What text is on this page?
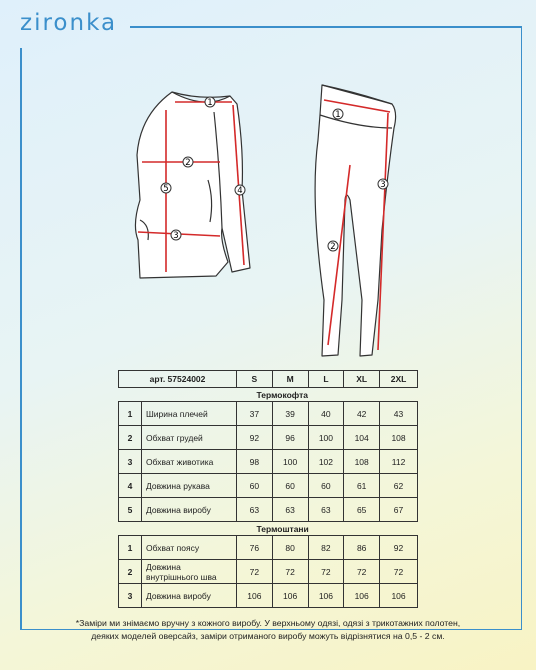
zironka
1
2
5	4
3
1
2
3
арт. 57524002		S	M	L	XL	2XL
Термокофта						
1	Ширина плечей	37	39	40	42	43
2	Обхват грудей	92	96	100	104	108
3	Обхват животика	98	100	102	108	112
4	Довжина рукава	60	60	60	61	62
5	Довжина виробу	63	63	63	65	67
Термоштани						
1	Обхват поясу	76	80	82	86	92
2	Довжина внутрішнього шва	72	72	72	72	72
3	Довжина виробу	106	106	106	106	106
*Заміри ми знімаємо вручну з кожного виробу. У верхньому одязі, одязі з трикотажних полотен,
деяких моделей оверсайз, заміри отриманого виробу можуть відрізнятися на 0,5 - 2 см.
